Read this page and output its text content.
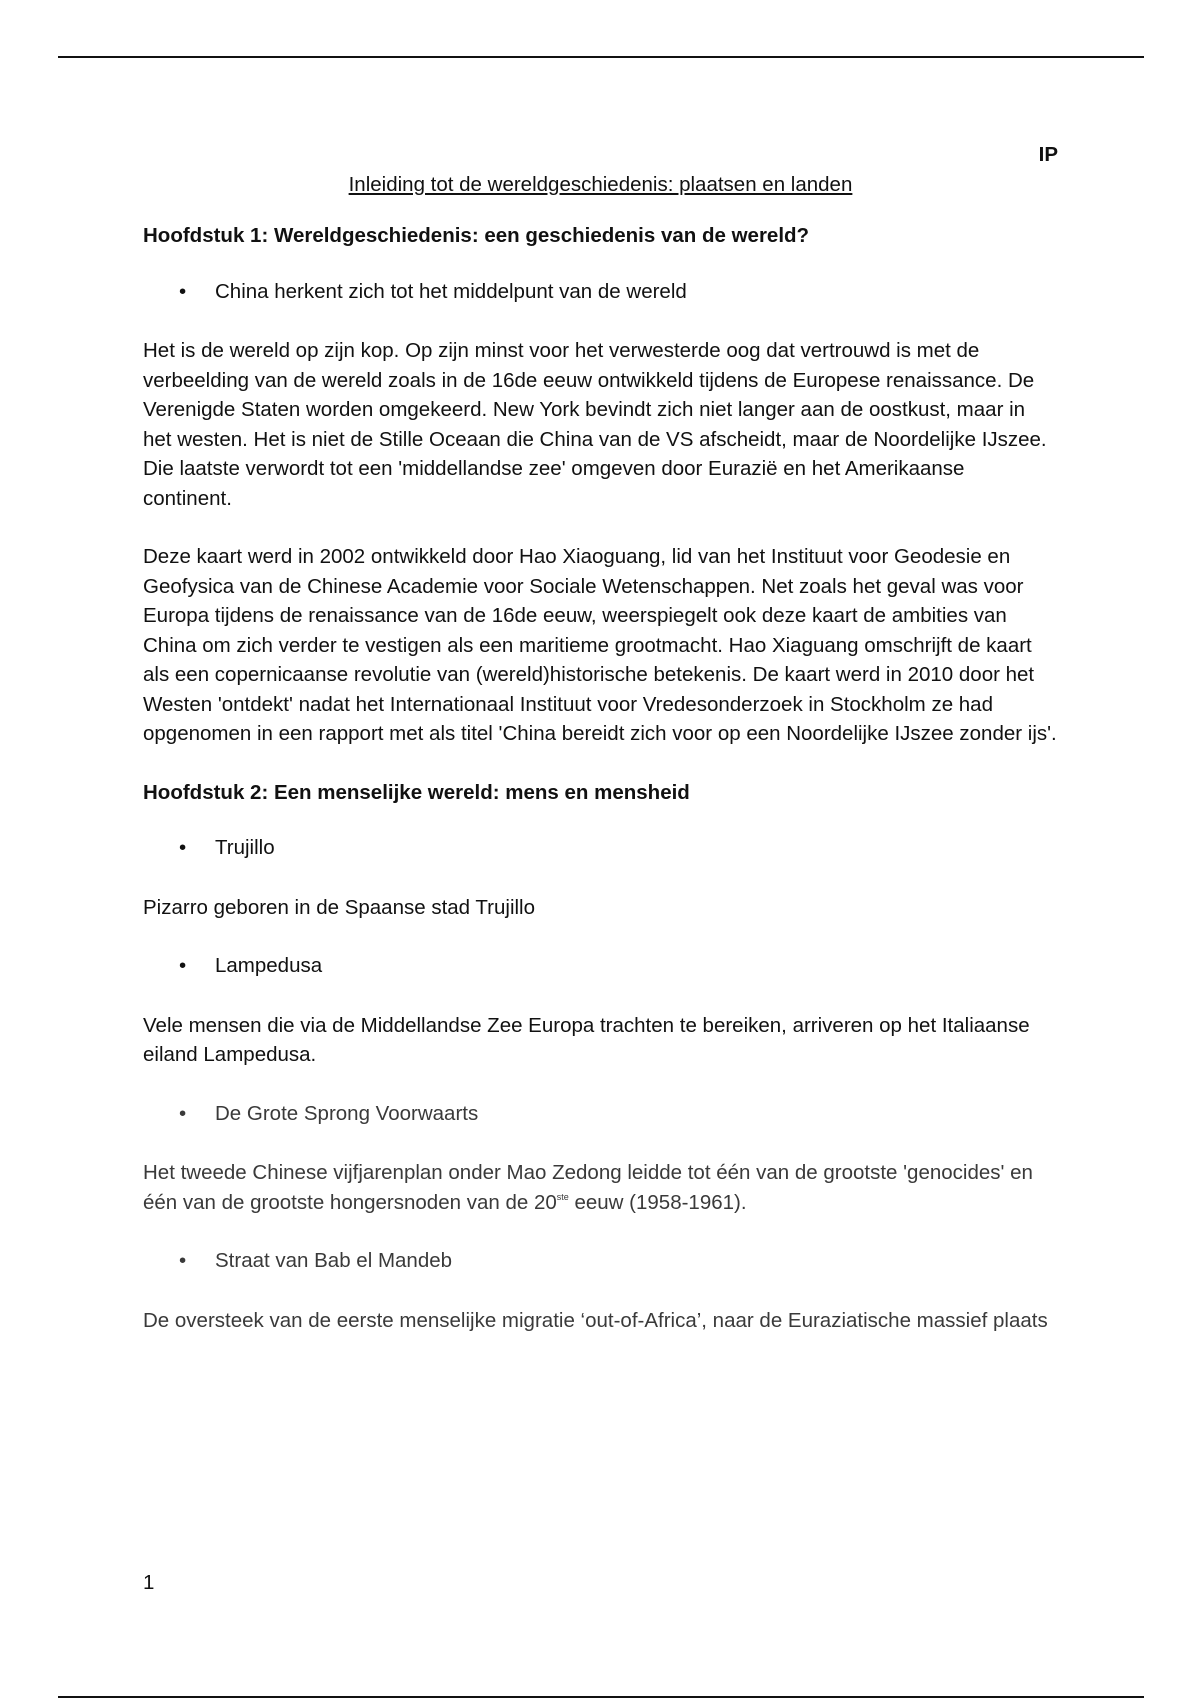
IP

Inleiding tot de wereldgeschiedenis: plaatsen en landen
Hoofdstuk 1: Wereldgeschiedenis: een geschiedenis van de wereld?
• China herkent zich tot het middelpunt van de wereld

Het is de wereld op zijn kop. Op zijn minst voor het verwesterde oog dat vertrouwd is met de verbeelding van de wereld zoals in de 16de eeuw ontwikkeld tijdens de Europese renaissance. De Verenigde Staten worden omgekeerd. New York bevindt zich niet langer aan de oostkust, maar in het westen. Het is niet de Stille Oceaan die China van de VS afscheidt, maar de Noordelijke IJszee. Die laatste verwordt tot een 'middellandse zee' omgeven door Eurazië en het Amerikaanse continent.

Deze kaart werd in 2002 ontwikkeld door Hao Xiaoguang, lid van het Instituut voor Geodesie en Geofysica van de Chinese Academie voor Sociale Wetenschappen. Net zoals het geval was voor Europa tijdens de renaissance van de 16de eeuw, weerspiegelt ook deze kaart de ambities van China om zich verder te vestigen als een maritieme grootmacht. Hao Xiaguang omschrijft de kaart als een copernicaanse revolutie van (wereld)historische betekenis. De kaart werd in 2010 door het Westen 'ontdekt' nadat het Internationaal Instituut voor Vredesonderzoek in Stockholm ze had opgenomen in een rapport met als titel 'China bereidt zich voor op een Noordelijke IJszee zonder ijs'.

Hoofdstuk 2: Een menselijke wereld: mens en mensheid
• Trujillo

Pizarro geboren in de Spaanse stad Trujillo

• Lampedusa

Vele mensen die via de Middellandse Zee Europa trachten te bereiken, arriveren op het Italiaanse eiland Lampedusa.

• De Grote Sprong Voorwaarts

Het tweede Chinese vijfjarenplan onder Mao Zedong leidde tot één van de grootste 'genocides' en één van de grootste hongersnoden van de 20ste eeuw (1958-1961).

• Straat van Bab el Mandeb

De oversteek van de eerste menselijke migratie ‘out-of-Africa’, naar de Euraziatische massief plaats

1
